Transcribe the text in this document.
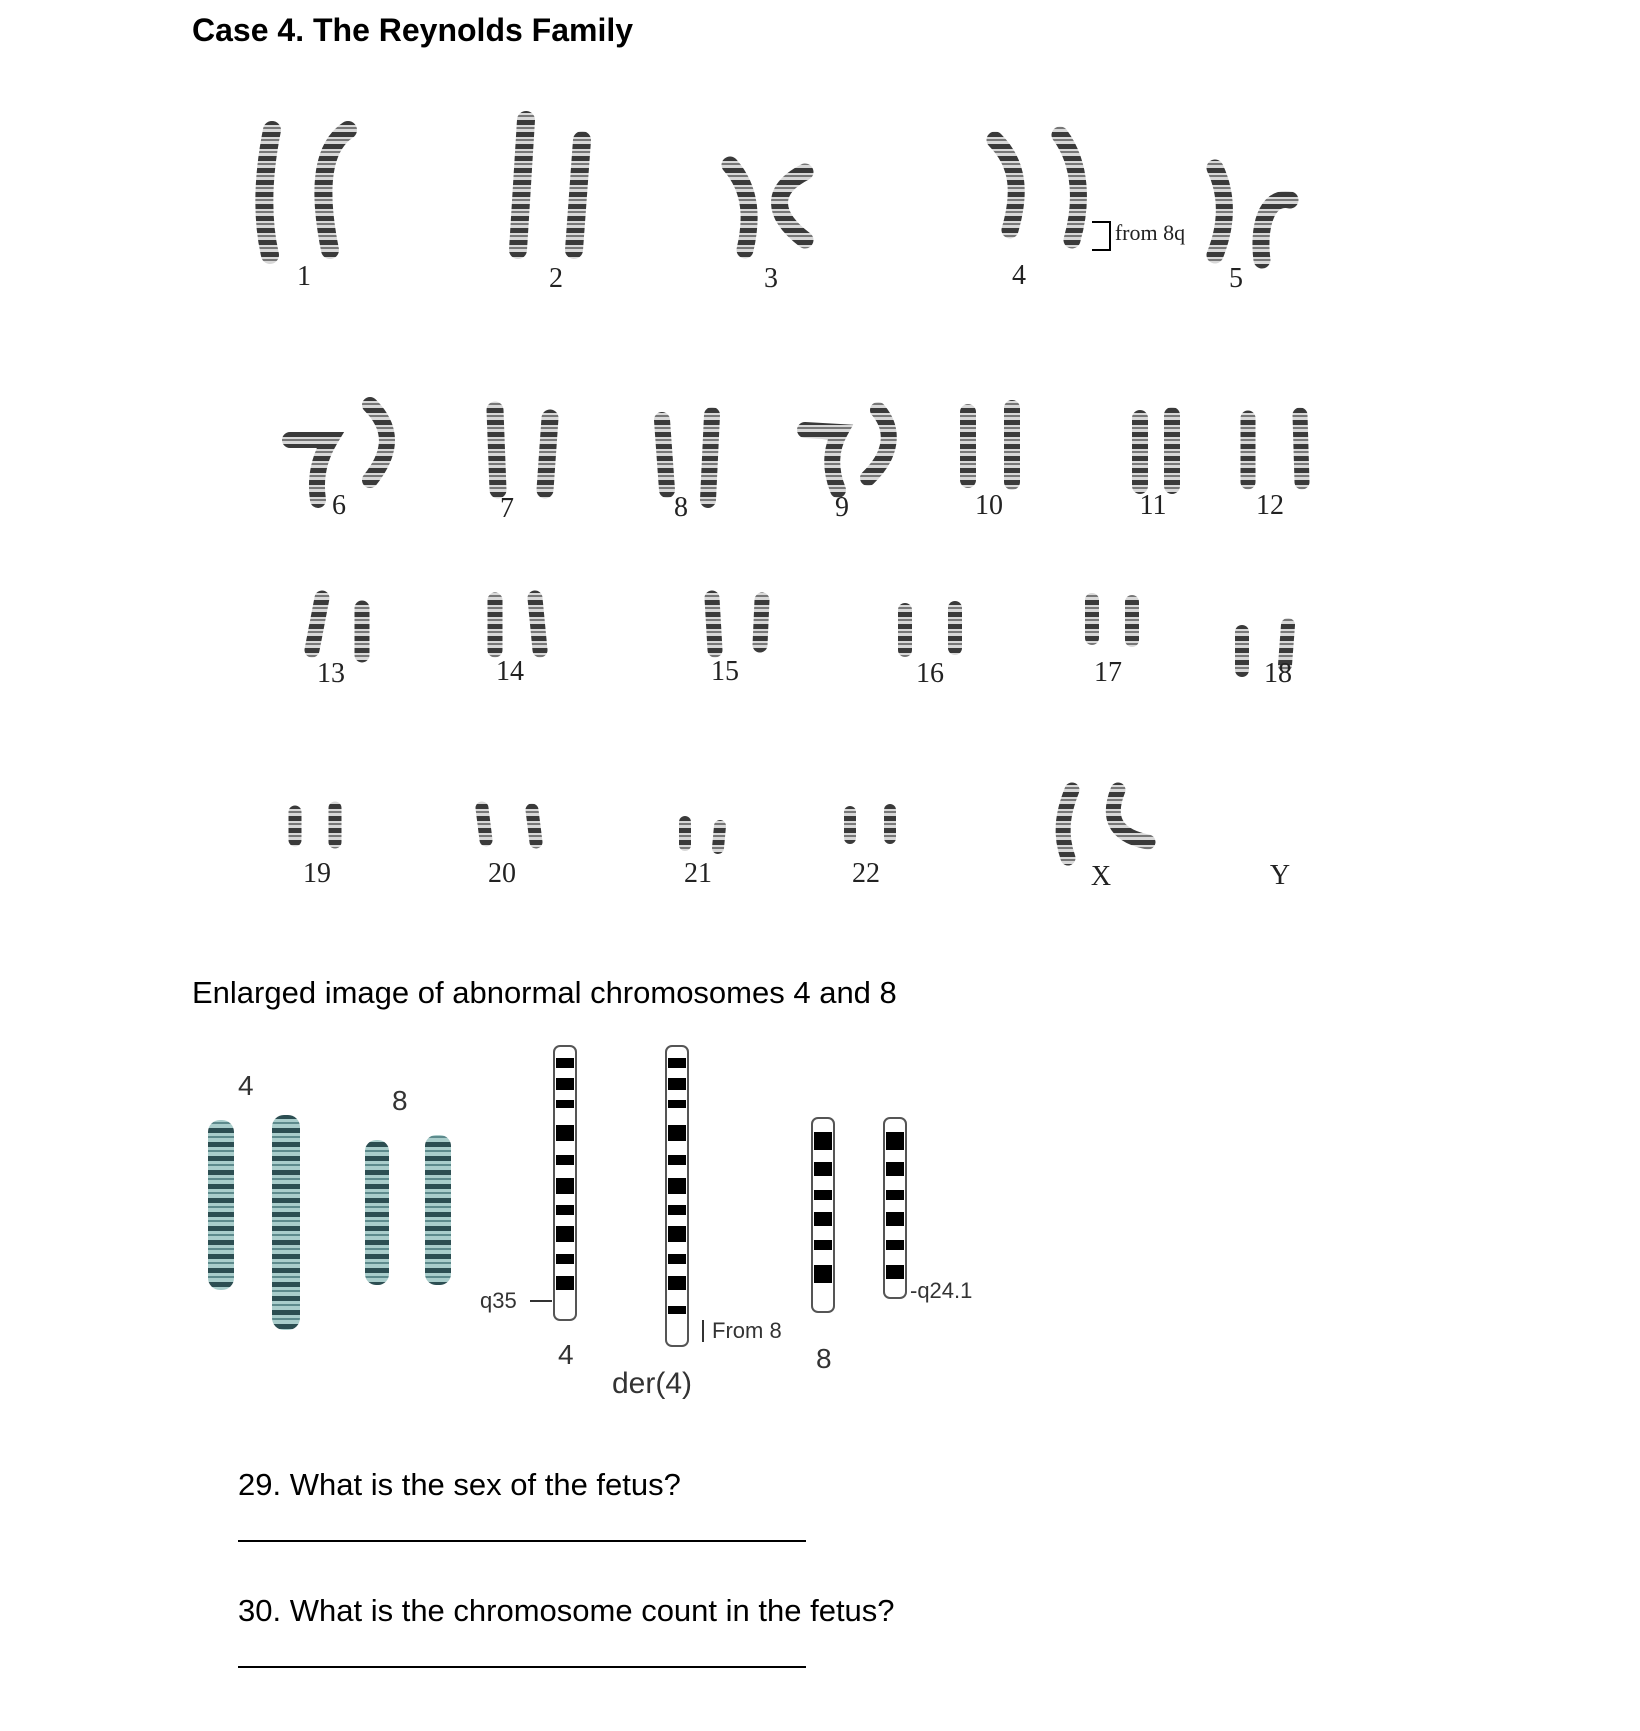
Case 4. The Reynolds Family
1	2	3	4	5
6	7	8	9	10	11	12
13	14	15	16	17	18
19	20	21	22	X	Y
from 8q
Enlarged image of abnormal chromosomes 4 and 8
4	8
q35
From 8
-q24.1
4
der(4)
8
29. What is the sex of the fetus?
30. What is the chromosome count in the fetus?
